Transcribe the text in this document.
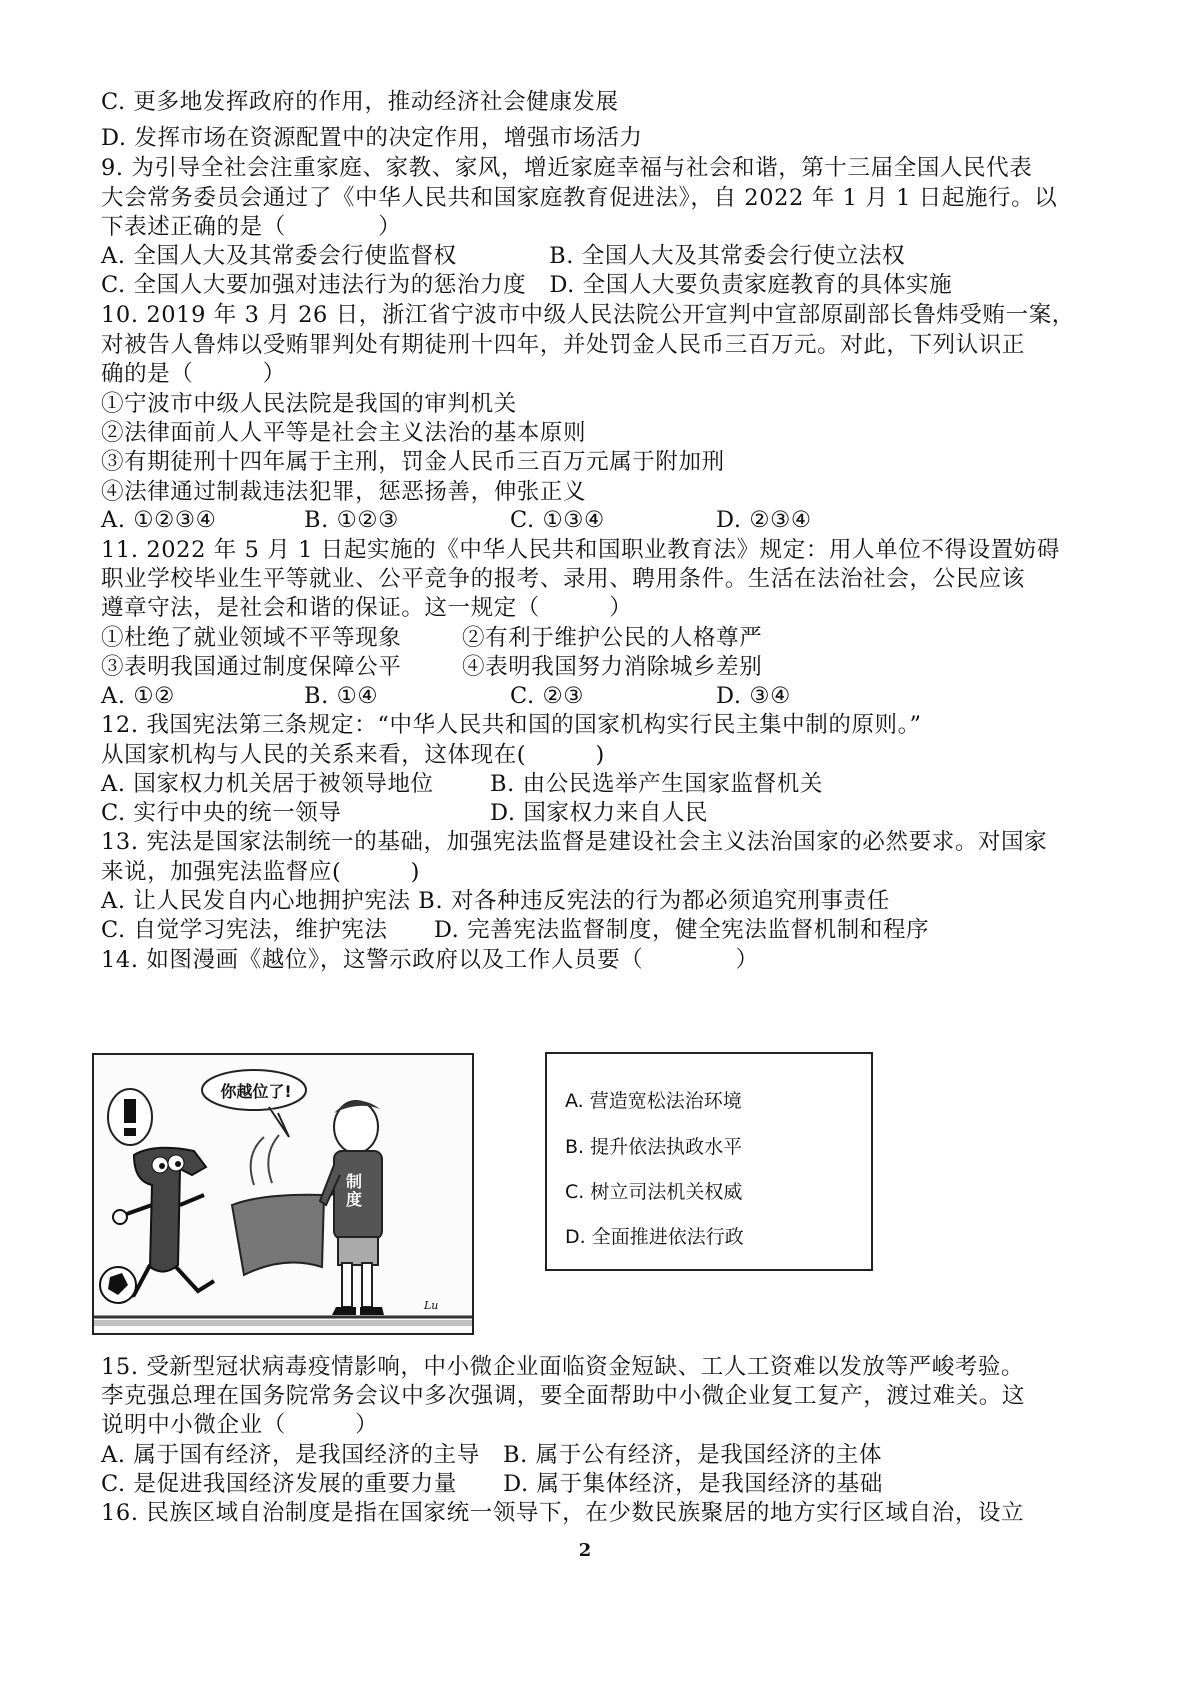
C. 更多地发挥政府的作用，推动经济社会健康发展
D. 发挥市场在资源配置中的决定作用，增强市场活力
9. 为引导全社会注重家庭、家教、家风，增近家庭幸福与社会和谐，第十三届全国人民代表
大会常务委员会通过了《中华人民共和国家庭教育促进法》，自 2022 年 1 月 1 日起施行。以
下表述正确的是（　　　　）
A. 全国人大及其常委会行使监督权　　　　B. 全国人大及其常委会行使立法权
C. 全国人大要加强对违法行为的惩治力度　D. 全国人大要负责家庭教育的具体实施
10. 2019 年 3 月 26 日，浙江省宁波市中级人民法院公开宣判中宣部原副部长鲁炜受贿一案，
对被告人鲁炜以受贿罪判处有期徒刑十四年，并处罚金人民币三百万元。对此，下列认识正
确的是（　　　）
①宁波市中级人民法院是我国的审判机关
②法律面前人人平等是社会主义法治的基本原则
③有期徒刑十四年属于主刑，罚金人民币三百万元属于附加刑
④法律通过制裁违法犯罪，惩恶扬善，伸张正义
A. ①②③④	B. ①②③	C. ①③④	D. ②③④
11. 2022 年 5 月 1 日起实施的《中华人民共和国职业教育法》规定：用人单位不得设置妨碍
职业学校毕业生平等就业、公平竞争的报考、录用、聘用条件。生活在法治社会，公民应该
遵章守法，是社会和谐的保证。这一规定（　　　）
①杜绝了就业领域不平等现象	②有利于维护公民的人格尊严
③表明我国通过制度保障公平	④表明我国努力消除城乡差别
A. ①②	B. ①④	C. ②③	D. ③④
12. 我国宪法第三条规定：“中华人民共和国的国家机构实行民主集中制的原则。”
从国家机构与人民的关系来看，这体现在(　　　)
A. 国家权力机关居于被领导地位	B. 由公民选举产生国家监督机关
C. 实行中央的统一领导	D. 国家权力来自人民
13. 宪法是国家法制统一的基础，加强宪法监督是建设社会主义法治国家的必然要求。对国家
来说，加强宪法监督应(　　　)
A. 让人民发自内心地拥护宪法 B. 对各种违反宪法的行为都必须追究刑事责任
C. 自觉学习宪法，维护宪法　　D. 完善宪法监督制度，健全宪法监督机制和程序
14. 如图漫画《越位》，这警示政府以及工作人员要（　　　　）
你越位了!
制度
Lu
A. 营造宽松法治环境
B. 提升依法执政水平
C. 树立司法机关权威
D. 全面推进依法行政
15. 受新型冠状病毒疫情影响，中小微企业面临资金短缺、工人工资难以发放等严峻考验。
李克强总理在国务院常务会议中多次强调，要全面帮助中小微企业复工复产，渡过难关。这
说明中小微企业（　　　）
A. 属于国有经济，是我国经济的主导　B. 属于公有经济，是我国经济的主体
C. 是促进我国经济发展的重要力量　　D. 属于集体经济，是我国经济的基础
16. 民族区域自治制度是指在国家统一领导下，在少数民族聚居的地方实行区域自治，设立
2
